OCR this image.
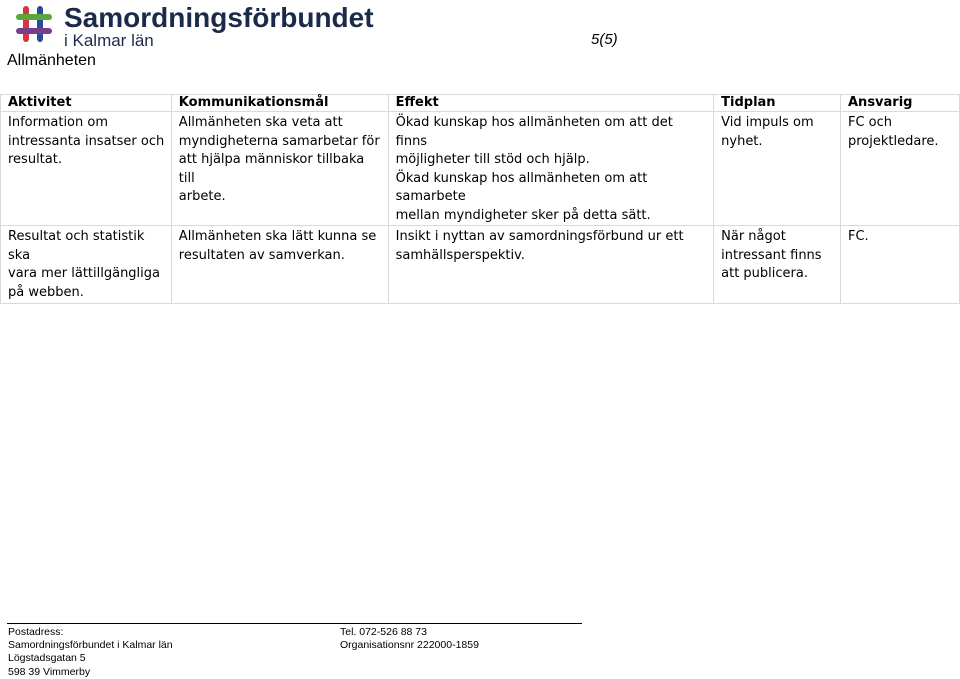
Samordningsförbundet
i Kalmar län	5(5)
Allmänheten
Aktivitet	Kommunikationsmål	Effekt	Tidplan	Ansvarig

Information om
intressanta insatser och
resultat.	Allmänheten ska veta att
myndigheterna samarbetar för
att hjälpa människor tillbaka till
arbete.	Ökad kunskap hos allmänheten om att det finns
möjligheter till stöd och hjälp.
Ökad kunskap hos allmänheten om att samarbete
mellan myndigheter sker på detta sätt.	Vid impuls om
nyhet.	FC och
projektledare.

Resultat och statistik ska
vara mer lättillgängliga
på webben.	Allmänheten ska lätt kunna se
resultaten av samverkan.	Insikt i nyttan av samordningsförbund ur ett
samhällsperspektiv.	När något
intressant finns
att publicera.	FC.
Postadress:
Samordningsförbundet i Kalmar län
Lögstadsgatan 5
598 39 Vimmerby
Tel. 072-526 88 73
Organisationsnr 222000-1859
